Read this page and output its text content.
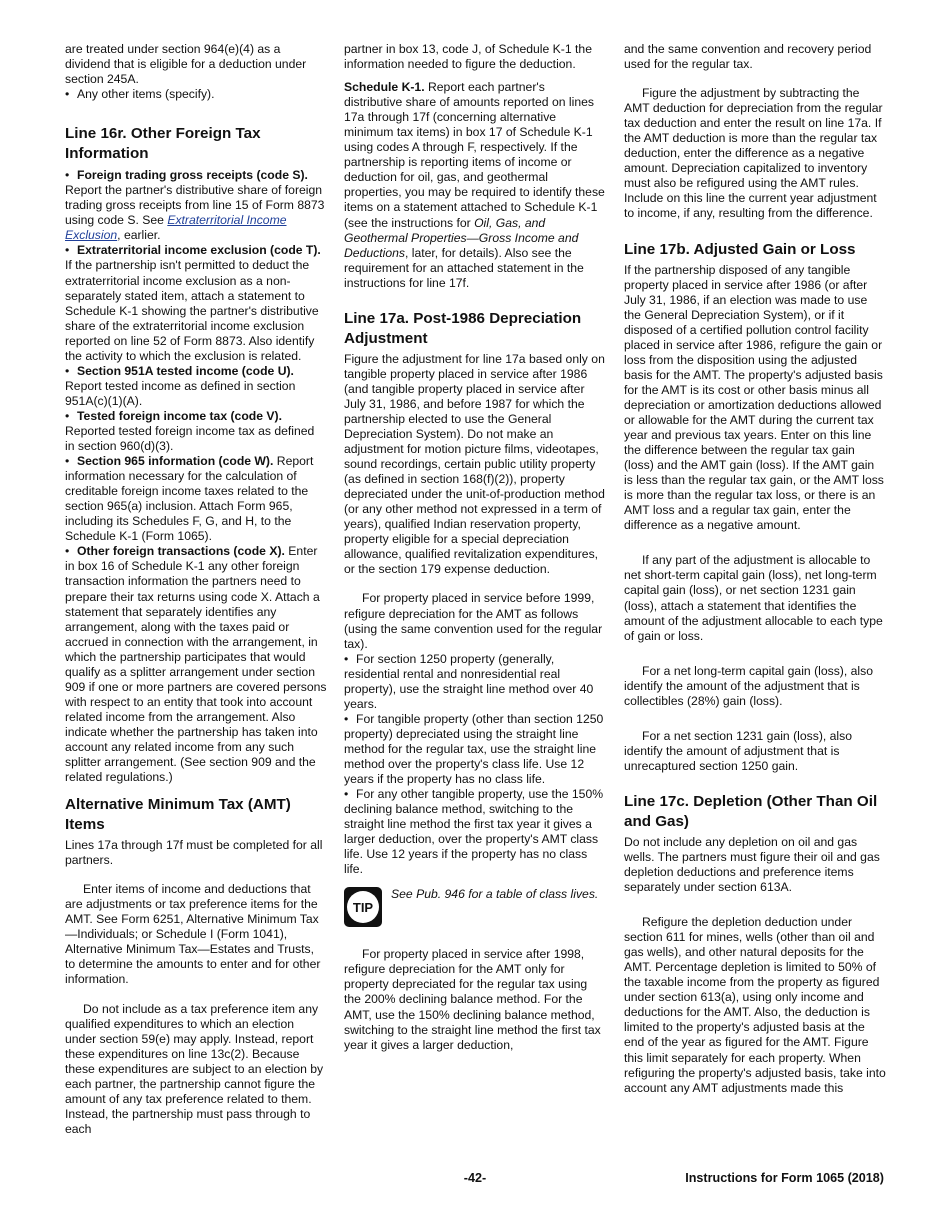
are treated under section 964(e)(4) as a dividend that is eligible for a deduction under section 245A.

• Any other items (specify).

Line 16r. Other Foreign Tax Information

• Foreign trading gross receipts (code S). Report the partner's distributive share of foreign trading gross receipts from line 15 of Form 8873 using code S. See Extraterritorial Income Exclusion, earlier.

• Extraterritorial income exclusion (code T). If the partnership isn't permitted to deduct the extraterritorial income exclusion as a non-separately stated item, attach a statement to Schedule K-1 showing the partner's distributive share of the extraterritorial income exclusion reported on line 52 of Form 8873. Also identify the activity to which the exclusion is related.

• Section 951A tested income (code U). Report tested income as defined in section 951A(c)(1)(A).

• Tested foreign income tax (code V). Reported tested foreign income tax as defined in section 960(d)(3).

• Section 965 information (code W). Report information necessary for the calculation of creditable foreign income taxes related to the section 965(a) inclusion. Attach Form 965, including its Schedules F, G, and H, to the Schedule K-1 (Form 1065).

• Other foreign transactions (code X). Enter in box 16 of Schedule K-1 any other foreign transaction information the partners need to prepare their tax returns using code X. Attach a statement that separately identifies any arrangement, along with the taxes paid or accrued in connection with the arrangement, in which the partnership participates that would qualify as a splitter arrangement under section 909 if one or more partners are covered persons with respect to an entity that took into account related income from the arrangement. Also indicate whether the partnership has taken into account any related income from any such splitter arrangement. (See section 909 and the related regulations.)

Alternative Minimum Tax (AMT) Items

Lines 17a through 17f must be completed for all partners.

Enter items of income and deductions that are adjustments or tax preference items for the AMT. See Form 6251, Alternative Minimum Tax—Individuals; or Schedule I (Form 1041), Alternative Minimum Tax—Estates and Trusts, to determine the amounts to enter and for other information.

Do not include as a tax preference item any qualified expenditures to which an election under section 59(e) may apply. Instead, report these expenditures on line 13c(2). Because these expenditures are subject to an election by each partner, the partnership cannot figure the amount of any tax preference related to them. Instead, the partnership must pass through to each

partner in box 13, code J, of Schedule K-1 the information needed to figure the deduction.

Schedule K-1. Report each partner's distributive share of amounts reported on lines 17a through 17f (concerning alternative minimum tax items) in box 17 of Schedule K-1 using codes A through F, respectively. If the partnership is reporting items of income or deduction for oil, gas, and geothermal properties, you may be required to identify these items on a statement attached to Schedule K-1 (see the instructions for Oil, Gas, and Geothermal Properties—Gross Income and Deductions, later, for details). Also see the requirement for an attached statement in the instructions for line 17f.

Line 17a. Post-1986 Depreciation Adjustment

Figure the adjustment for line 17a based only on tangible property placed in service after 1986 (and tangible property placed in service after July 31, 1986, and before 1987 for which the partnership elected to use the General Depreciation System). Do not make an adjustment for motion picture films, videotapes, sound recordings, certain public utility property (as defined in section 168(f)(2)), property depreciated under the unit-of-production method (or any other method not expressed in a term of years), qualified Indian reservation property, property eligible for a special depreciation allowance, qualified revitalization expenditures, or the section 179 expense deduction.

For property placed in service before 1999, refigure depreciation for the AMT as follows (using the same convention used for the regular tax).

• For section 1250 property (generally, residential rental and nonresidential real property), use the straight line method over 40 years.

• For tangible property (other than section 1250 property) depreciated using the straight line method for the regular tax, use the straight line method over the property's class life. Use 12 years if the property has no class life.

• For any other tangible property, use the 150% declining balance method, switching to the straight line method the first tax year it gives a larger deduction, over the property's AMT class life. Use 12 years if the property has no class life.

TIP
See Pub. 946 for a table of class lives.

For property placed in service after 1998, refigure depreciation for the AMT only for property depreciated for the regular tax using the 200% declining balance method. For the AMT, use the 150% declining balance method, switching to the straight line method the first tax year it gives a larger deduction,

and the same convention and recovery period used for the regular tax.

Figure the adjustment by subtracting the AMT deduction for depreciation from the regular tax deduction and enter the result on line 17a. If the AMT deduction is more than the regular tax deduction, enter the difference as a negative amount. Depreciation capitalized to inventory must also be refigured using the AMT rules. Include on this line the current year adjustment to income, if any, resulting from the difference.

Line 17b. Adjusted Gain or Loss

If the partnership disposed of any tangible property placed in service after 1986 (or after July 31, 1986, if an election was made to use the General Depreciation System), or if it disposed of a certified pollution control facility placed in service after 1986, refigure the gain or loss from the disposition using the adjusted basis for the AMT. The property's adjusted basis for the AMT is its cost or other basis minus all depreciation or amortization deductions allowed or allowable for the AMT during the current tax year and previous tax years. Enter on this line the difference between the regular tax gain (loss) and the AMT gain (loss). If the AMT gain is less than the regular tax gain, or the AMT loss is more than the regular tax loss, or there is an AMT loss and a regular tax gain, enter the difference as a negative amount.

If any part of the adjustment is allocable to net short-term capital gain (loss), net long-term capital gain (loss), or net section 1231 gain (loss), attach a statement that identifies the amount of the adjustment allocable to each type of gain or loss.

For a net long-term capital gain (loss), also identify the amount of the adjustment that is collectibles (28%) gain (loss).

For a net section 1231 gain (loss), also identify the amount of adjustment that is unrecaptured section 1250 gain.

Line 17c. Depletion (Other Than Oil and Gas)

Do not include any depletion on oil and gas wells. The partners must figure their oil and gas depletion deductions and preference items separately under section 613A.

Refigure the depletion deduction under section 611 for mines, wells (other than oil and gas wells), and other natural deposits for the AMT. Percentage depletion is limited to 50% of the taxable income from the property as figured under section 613(a), using only income and deductions for the AMT. Also, the deduction is limited to the property's adjusted basis at the end of the year as figured for the AMT. Figure this limit separately for each property. When refiguring the property's adjusted basis, take into account any AMT adjustments made this

-42-	Instructions for Form 1065 (2018)
